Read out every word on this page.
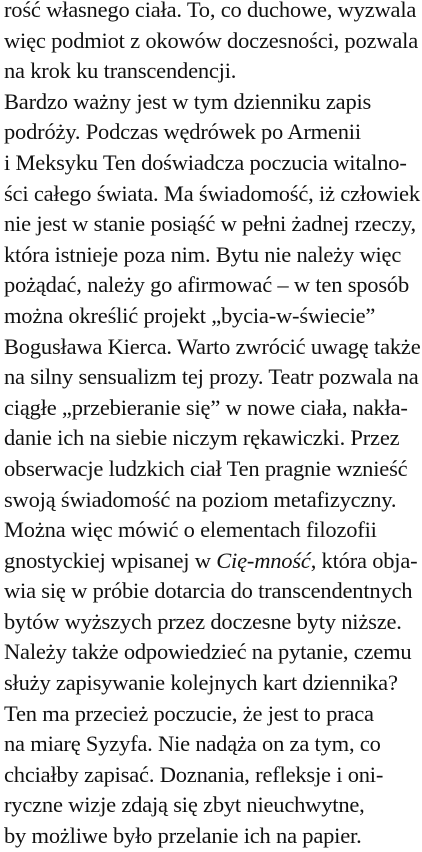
rość własnego ciała. To, co duchowe, wyzwala
więc podmiot z okowów doczesności, pozwala
na krok ku transcendencji.
Bardzo ważny jest w tym dzienniku zapis
podróży. Podczas wędrówek po Armenii
i Meksyku Ten doświadcza poczucia witalno-
ści całego świata. Ma świadomość, iż człowiek
nie jest w stanie posiąść w pełni żadnej rzeczy,
która istnieje poza nim. Bytu nie należy więc
pożądać, należy go afirmować – w ten sposób
można określić projekt „bycia-w-świecie”
Bogusława Kierca. Warto zwrócić uwagę także
na silny sensualizm tej prozy. Teatr pozwala na
ciągłe „przebieranie się” w nowe ciała, nakła-
danie ich na siebie niczym rękawiczki. Przez
obserwacje ludzkich ciał Ten pragnie wznieść
swoją świadomość na poziom metafizyczny.
Można więc mówić o elementach filozofii
gnostyckiej wpisanej w Cię-mność, która obja-
wia się w próbie dotarcia do transcendentnych
bytów wyższych przez doczesne byty niższe.
Należy także odpowiedzieć na pytanie, czemu
służy zapisywanie kolejnych kart dziennika?
Ten ma przecież poczucie, że jest to praca
na miarę Syzyfa. Nie nadąża on za tym, co
chciałby zapisać. Doznania, refleksje i oni-
ryczne wizje zdają się zbyt nieuchwytne,
by możliwe było przelanie ich na papier.
